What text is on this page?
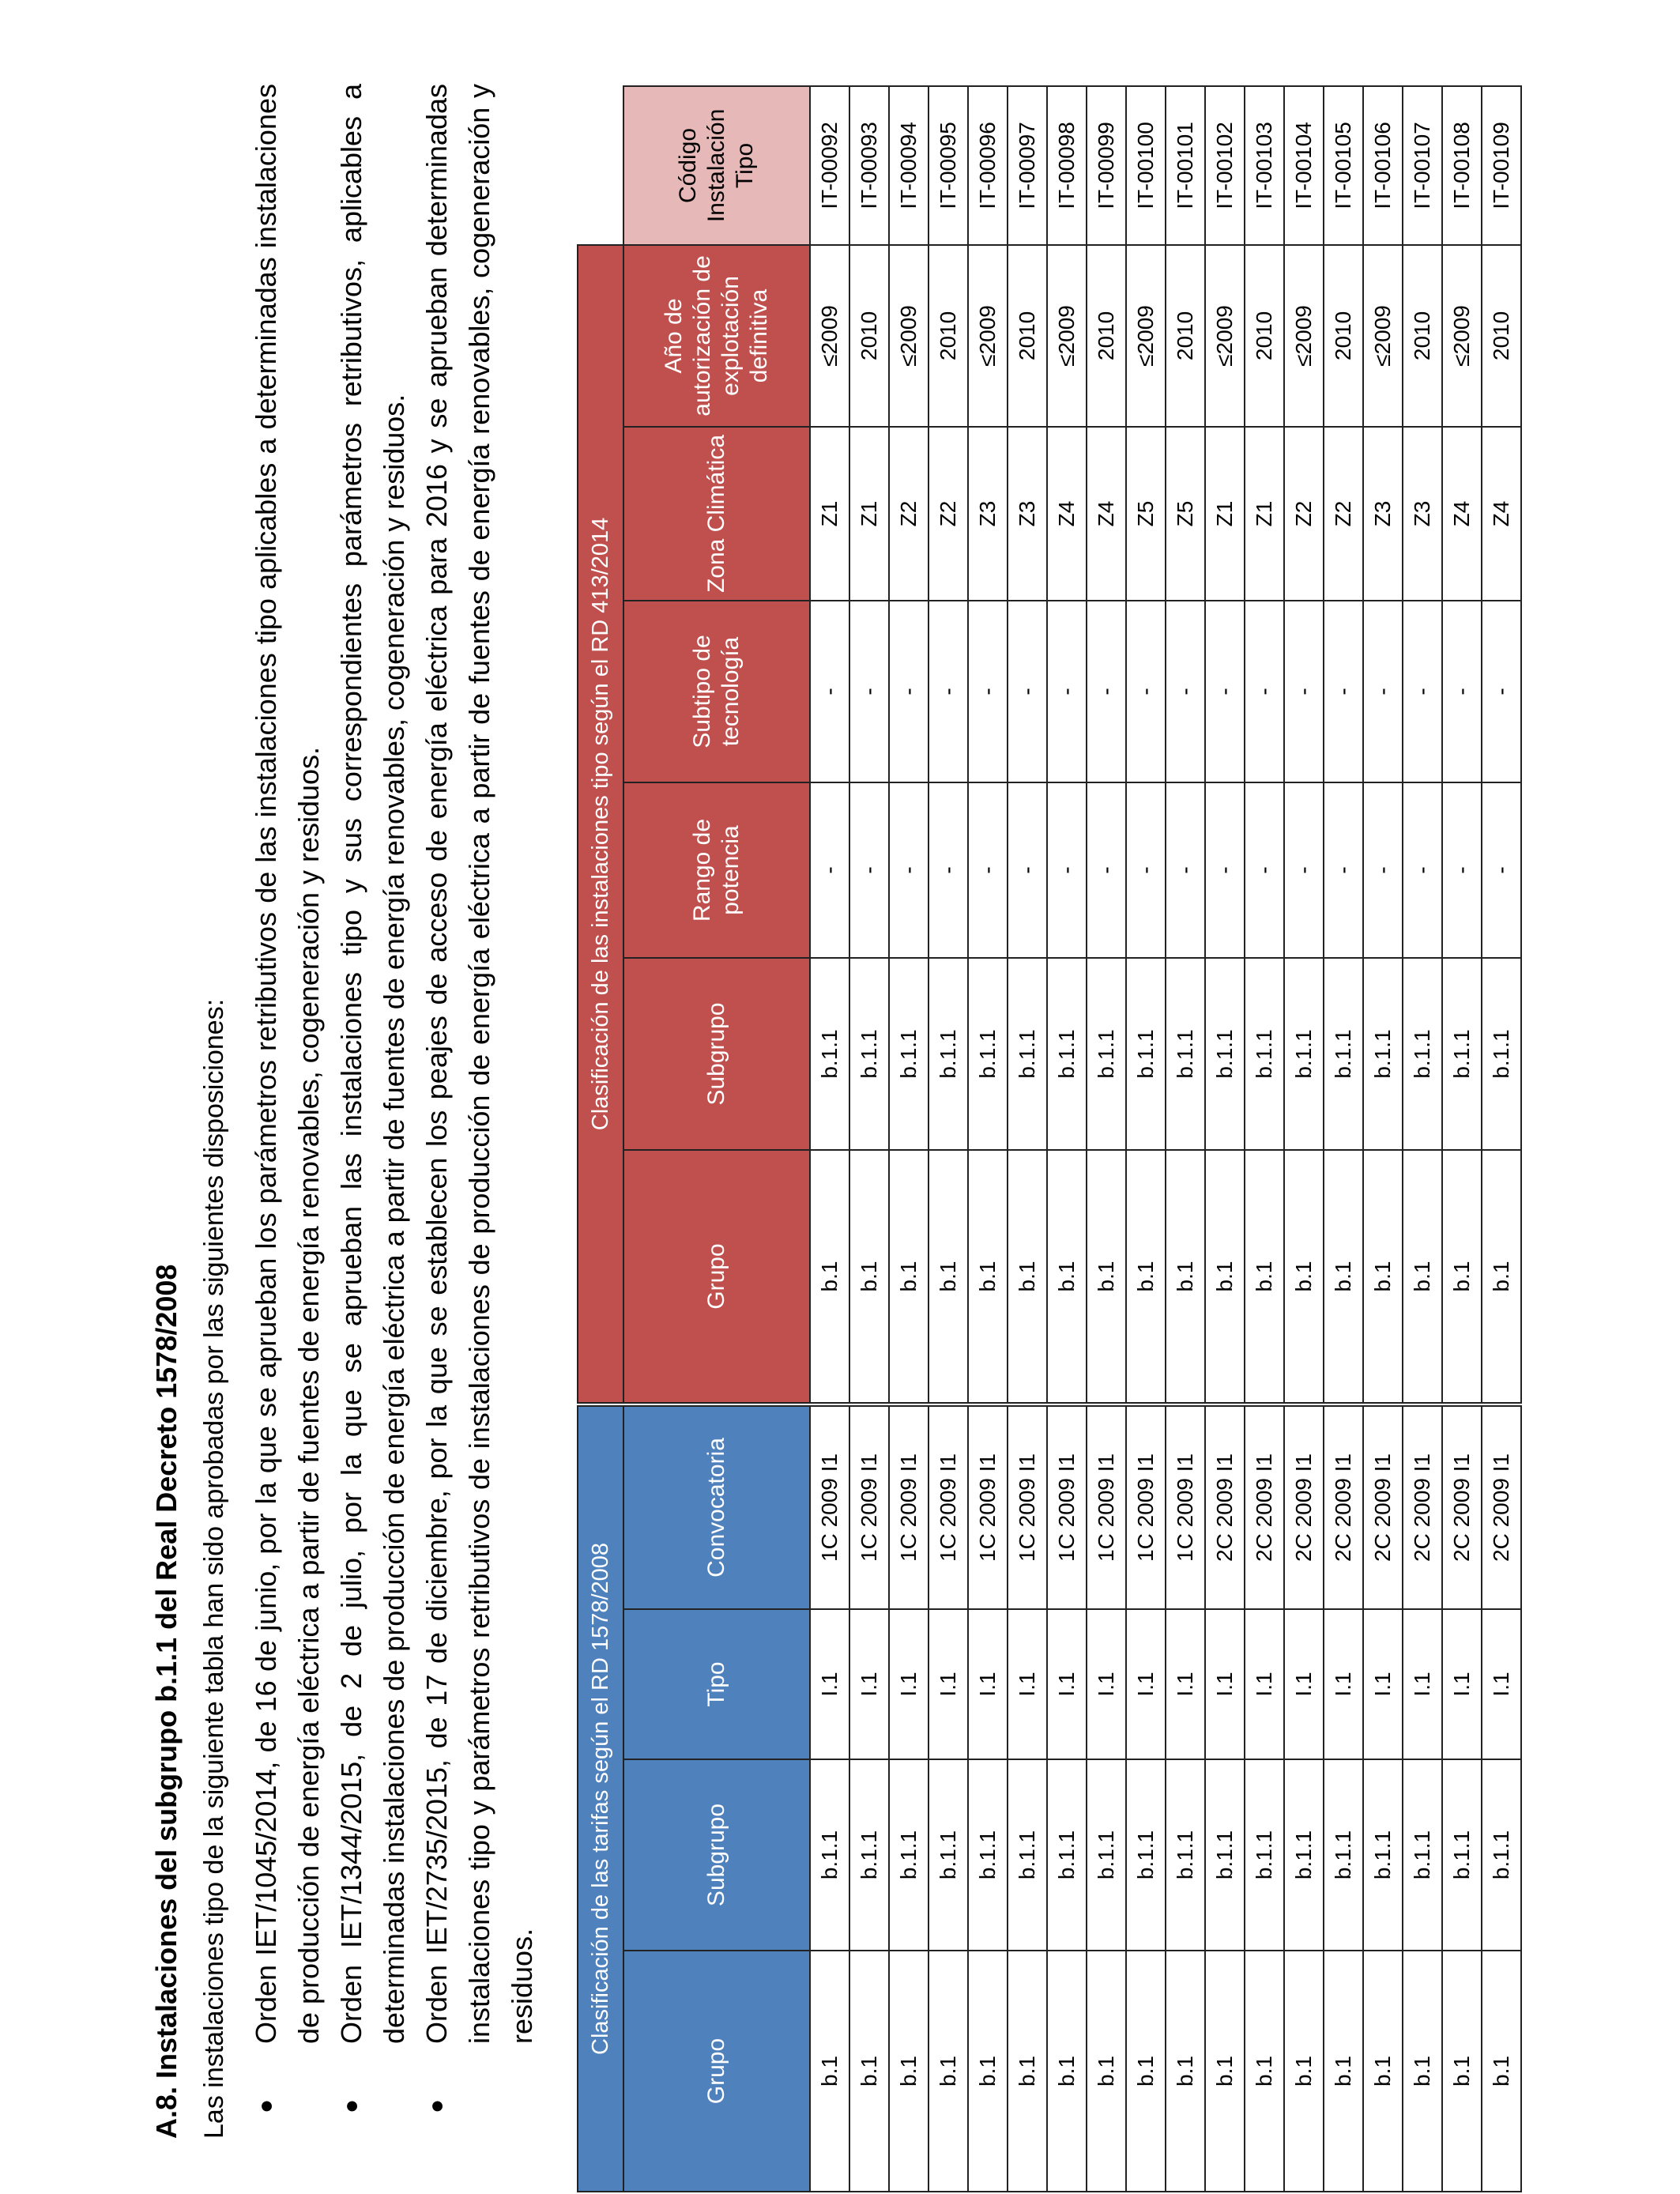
A.8. Instalaciones del subgrupo b.1.1 del Real Decreto 1578/2008 Las instalaciones tipo de la siguiente tabla han sido aprobadas por las siguientes disposiciones:	●
Orden IET/1045/2014, de 16 de junio, por la que se aprueban los parámetros retributivos de las instalaciones tipo aplicables a determinadas instalaciones de producción de energía eléctrica a partir de fuentes de energía renovables, cogeneración y residuos.
●
Orden IET/1344/2015, de 2 de julio, por la que se aprueban las instalaciones tipo y sus correspondientes parámetros retributivos, aplicables a determinadas instalaciones de producción de energía eléctrica a partir de fuentes de energía renovables, cogeneración y residuos.
●
Orden IET/2735/2015, de 17 de diciembre, por la que se establecen los peajes de acceso de energía eléctrica para 2016 y se aprueban determinadas instalaciones tipo y parámetros retributivos de instalaciones de producción de energía eléctrica a partir de fuentes de energía renovables, cogeneración y residuos. Clasificación de las tarifas según el RD 1578/2008			
Grupo	Subgrupo	Tipo	Convocatoria
b.1	b.1.1	I.1	1C 2009 I1
b.1	b.1.1	I.1	1C 2009 I1
b.1	b.1.1	I.1	1C 2009 I1
b.1	b.1.1	I.1	1C 2009 I1
b.1	b.1.1	I.1	1C 2009 I1
b.1	b.1.1	I.1	1C 2009 I1
b.1	b.1.1	I.1	1C 2009 I1
b.1	b.1.1	I.1	1C 2009 I1
b.1	b.1.1	I.1	1C 2009 I1
b.1	b.1.1	I.1	1C 2009 I1
b.1	b.1.1	I.1	2C 2009 I1
b.1	b.1.1	I.1	2C 2009 I1
b.1	b.1.1	I.1	2C 2009 I1
b.1	b.1.1	I.1	2C 2009 I1
b.1	b.1.1	I.1	2C 2009 I1
b.1	b.1.1	I.1	2C 2009 I1
b.1	b.1.1	I.1	2C 2009 I1
b.1	b.1.1	I.1	2C 2009 I1
Clasificación de las instalaciones tipo según el RD 413/2014						
Grupo	Subgrupo	Rango de potencia	Subtipo de tecnología	Zona Climática	Año de autorización de explotación definitiva	Código Instalación Tipo
b.1	b.1.1	-	-	Z1	≤2009	IT-00092
b.1	b.1.1	-	-	Z1	2010	IT-00093
b.1	b.1.1	-	-	Z2	≤2009	IT-00094
b.1	b.1.1	-	-	Z2	2010	IT-00095
b.1	b.1.1	-	-	Z3	≤2009	IT-00096
b.1	b.1.1	-	-	Z3	2010	IT-00097
b.1	b.1.1	-	-	Z4	≤2009	IT-00098
b.1	b.1.1	-	-	Z4	2010	IT-00099
b.1	b.1.1	-	-	Z5	≤2009	IT-00100
b.1	b.1.1	-	-	Z5	2010	IT-00101
b.1	b.1.1	-	-	Z1	≤2009	IT-00102
b.1	b.1.1	-	-	Z1	2010	IT-00103
b.1	b.1.1	-	-	Z2	≤2009	IT-00104
b.1	b.1.1	-	-	Z2	2010	IT-00105
b.1	b.1.1	-	-	Z3	≤2009	IT-00106
b.1	b.1.1	-	-	Z3	2010	IT-00107
b.1	b.1.1	-	-	Z4	≤2009	IT-00108
b.1	b.1.1	-	-	Z4	2010	IT-00109
